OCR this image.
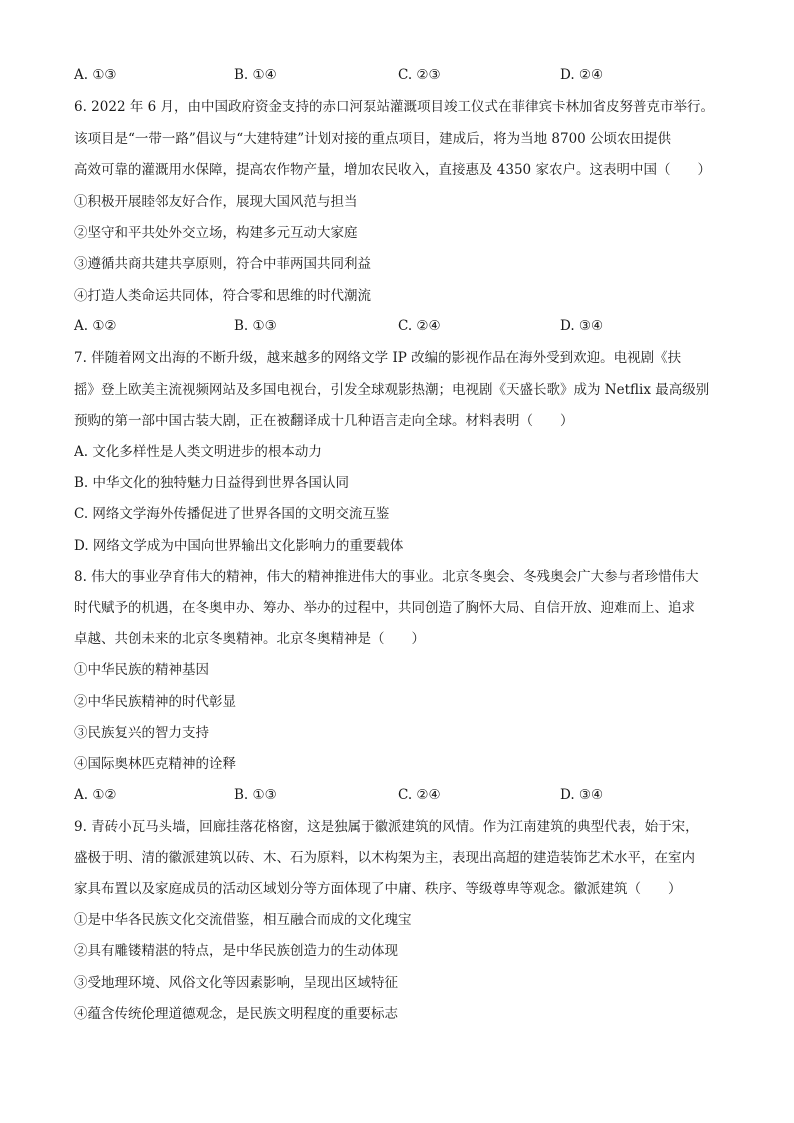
A. ①③	B. ①④	C. ②③	D. ②④
6. 2022 年 6 月，由中国政府资金支持的赤口河泵站灌溉项目竣工仪式在菲律宾卡林加省皮努普克市举行。
该项目是“一带一路”倡议与“大建特建”计划对接的重点项目，建成后，将为当地 8700 公顷农田提供
高效可靠的灌溉用水保障，提高农作物产量，增加农民收入，直接惠及 4350 家农户。这表明中国（　　）
①积极开展睦邻友好合作，展现大国风范与担当
②坚守和平共处外交立场，构建多元互动大家庭
③遵循共商共建共享原则，符合中菲两国共同利益
④打造人类命运共同体，符合零和思维的时代潮流
A. ①②	B. ①③	C. ②④	D. ③④
7. 伴随着网文出海的不断升级，越来越多的网络文学 IP 改编的影视作品在海外受到欢迎。电视剧《扶
摇》登上欧美主流视频网站及多国电视台，引发全球观影热潮；电视剧《天盛长歌》成为 Netflix 最高级别
预购的第一部中国古装大剧，正在被翻译成十几种语言走向全球。材料表明（　　）
A. 文化多样性是人类文明进步的根本动力
B. 中华文化的独特魅力日益得到世界各国认同
C. 网络文学海外传播促进了世界各国的文明交流互鉴
D. 网络文学成为中国向世界输出文化影响力的重要载体
8. 伟大的事业孕育伟大的精神，伟大的精神推进伟大的事业。北京冬奥会、冬残奥会广大参与者珍惜伟大
时代赋予的机遇，在冬奥申办、筹办、举办的过程中，共同创造了胸怀大局、自信开放、迎难而上、追求
卓越、共创未来的北京冬奥精神。北京冬奥精神是（　　）
①中华民族的精神基因
②中华民族精神的时代彰显
③民族复兴的智力支持
④国际奥林匹克精神的诠释
A. ①②	B. ①③	C. ②④	D. ③④
9. 青砖小瓦马头墙，回廊挂落花格窗，这是独属于徽派建筑的风情。作为江南建筑的典型代表，始于宋，
盛极于明、清的徽派建筑以砖、木、石为原料，以木构架为主，表现出高超的建造装饰艺术水平，在室内
家具布置以及家庭成员的活动区域划分等方面体现了中庸、秩序、等级尊卑等观念。徽派建筑（　　）
①是中华各民族文化交流借鉴，相互融合而成的文化瑰宝
②具有雕镂精湛的特点，是中华民族创造力的生动体现
③受地理环境、风俗文化等因素影响，呈现出区域特征
④蕴含传统伦理道德观念，是民族文明程度的重要标志
